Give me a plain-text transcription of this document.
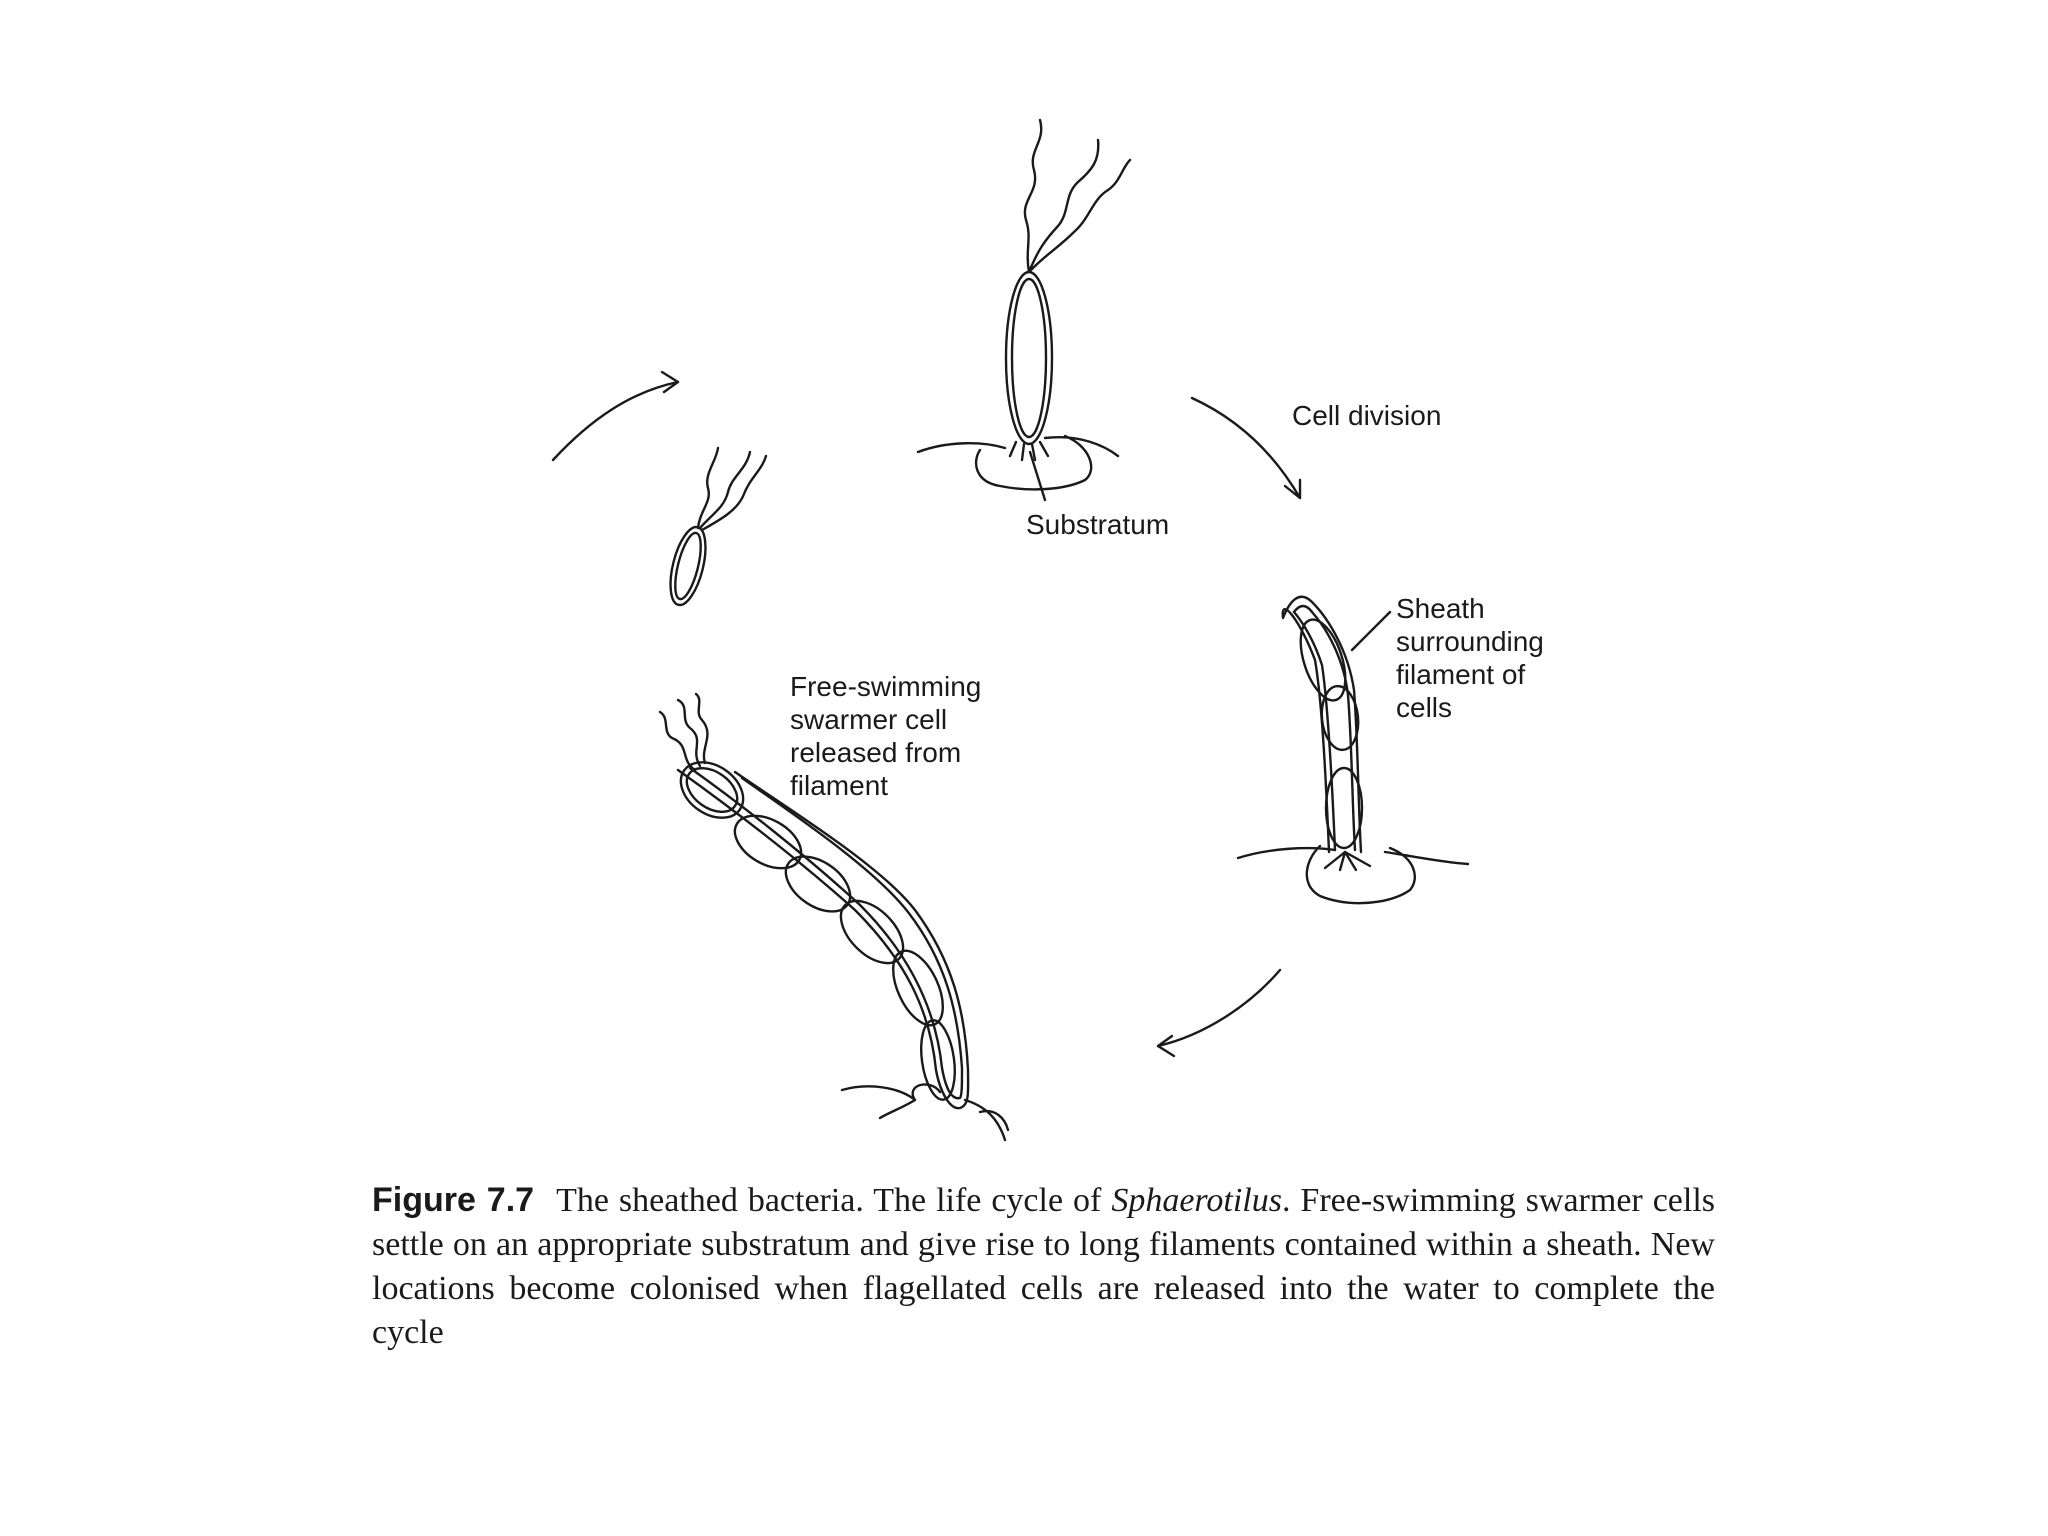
Cell division
Substratum
Sheath
surrounding
filament of
cells
Free-swimming
swarmer cell
released from
filament
Figure 7.7 The sheathed bacteria. The life cycle of Sphaerotilus. Free-swimming swarmer cells settle on an appropriate substratum and give rise to long filaments contained within a sheath. New locations become colonised when flagellated cells are released into the water to complete the cycle
